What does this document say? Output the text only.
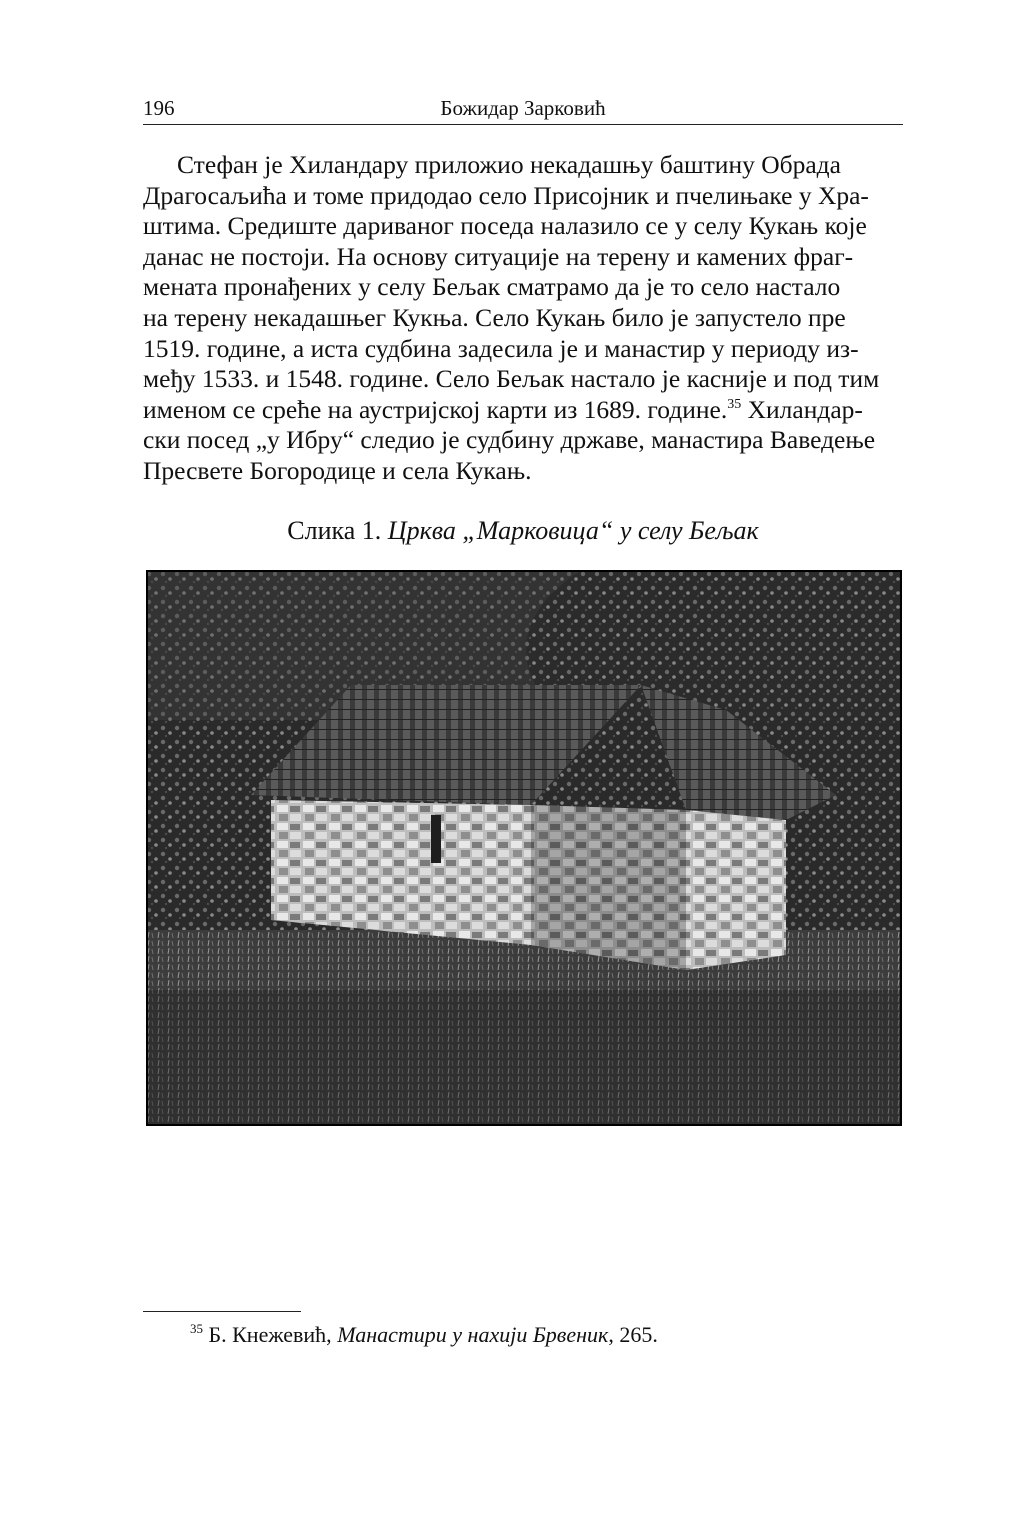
196	Божидар Зарковић
Стефан је Хиландару приложио некадашњу баштину Обрада
Драгосаљића и томе придодао село Присојник и пчелињаке у Хра-
штима. Средиште дариваног поседа налазило се у селу Кукањ које
данас не постоји. На основу ситуације на терену и камених фраг-
мената пронађених у селу Бељак сматрамо да је то село настало
на терену некадашњег Кукња. Село Кукањ било је запустело пре
1519. године, а иста судбина задесила је и манастир у периоду из-
међу 1533. и 1548. године. Село Бељак настало је касније и под тим
именом се среће на аустријској карти из 1689. године.$^{35}$ Хиландар-
ски посед „у Ибру“ следио је судбину државе, манастира Ваведење
Пресвете Богородице и села Кукањ.
Слика 1. Црква „Марковица“ у селу Бељак
$^{35}$ Б. Кнежевић, Манастири у нахији Брвеник, 265.
